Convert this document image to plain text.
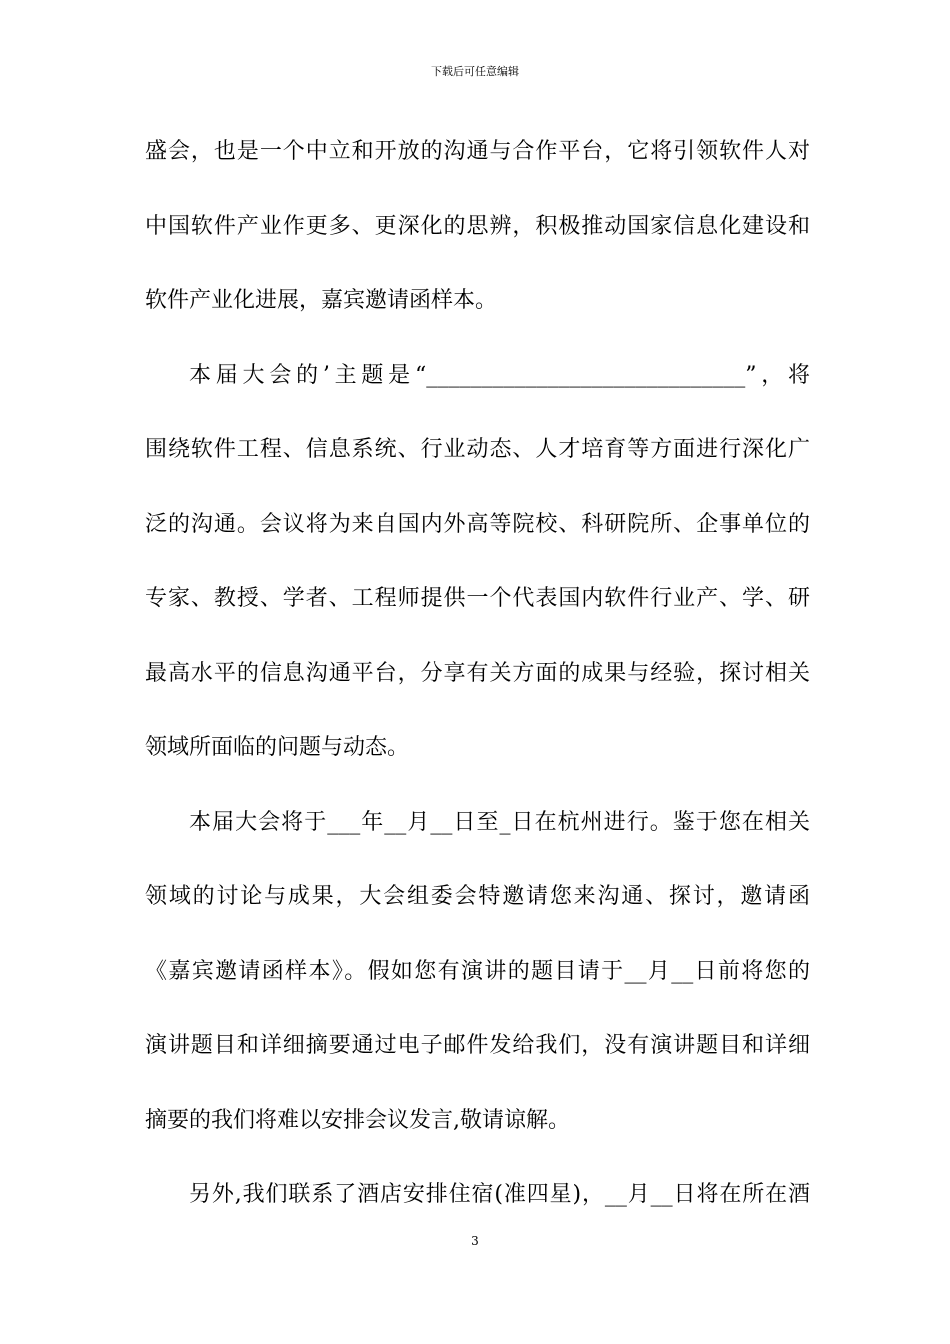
下载后可任意编辑
盛会，也是一个中立和开放的沟通与合作平台，它将引领软件人对
中国软件产业作更多、更深化的思辨，积极推动国家信息化建设和
软件产业化进展，嘉宾邀请函样本。
本届大会的’主题是“_____________________________”，将
围绕软件工程、信息系统、行业动态、人才培育等方面进行深化广
泛的沟通。会议将为来自国内外高等院校、科研院所、企事单位的
专家、教授、学者、工程师提供一个代表国内软件行业产、学、研
最高水平的信息沟通平台，分享有关方面的成果与经验，探讨相关
领域所面临的问题与动态。
本届大会将于___年__月__日至_日在杭州进行。鉴于您在相关
领域的讨论与成果，大会组委会特邀请您来沟通、探讨，邀请函
《嘉宾邀请函样本》。假如您有演讲的题目请于__月__日前将您的
演讲题目和详细摘要通过电子邮件发给我们，没有演讲题目和详细
摘要的我们将难以安排会议发言,敬请谅解。
另外,我们联系了酒店安排住宿(准四星)，__月__日将在所在酒
3
